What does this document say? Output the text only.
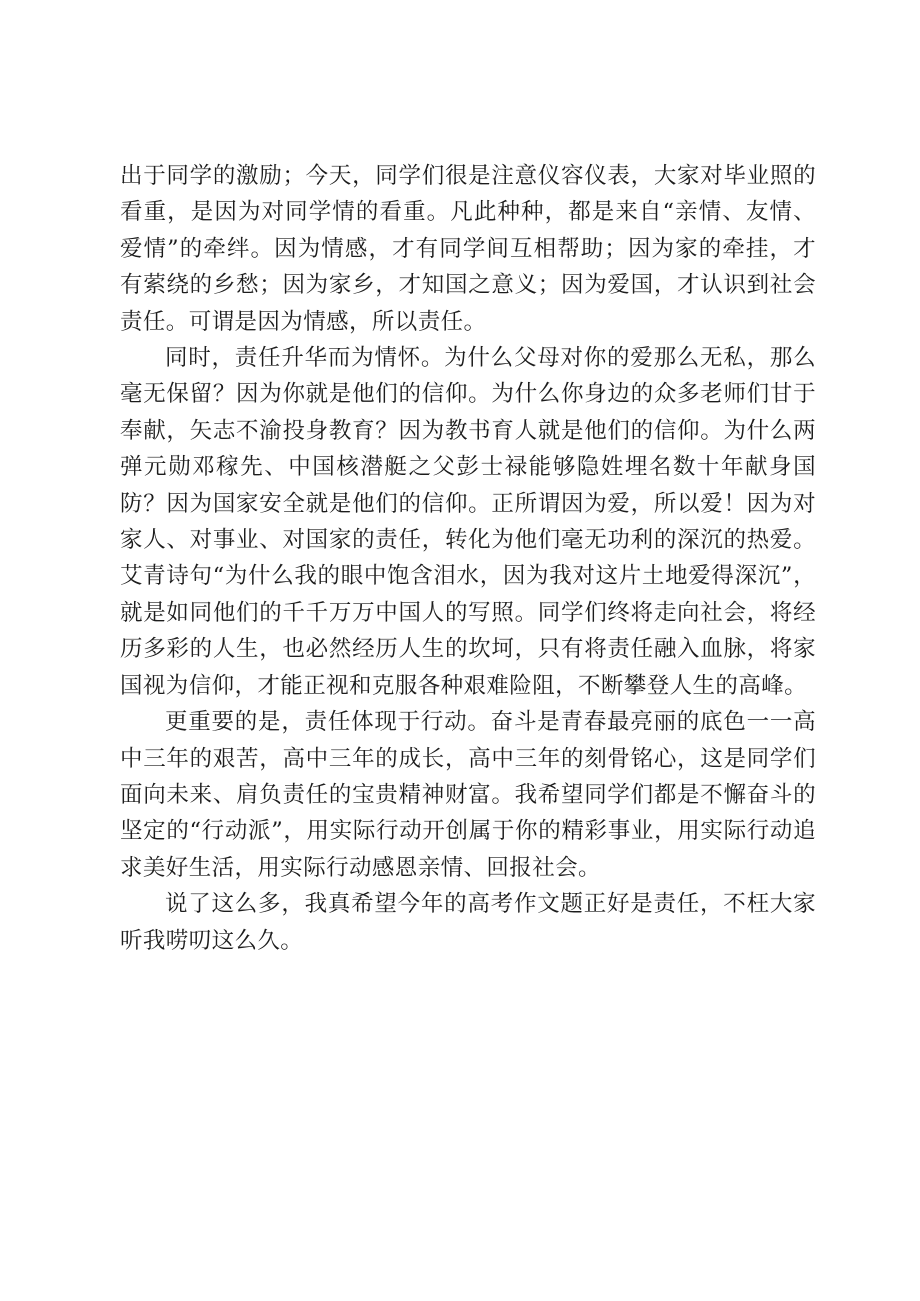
出于同学的激励；今天，同学们很是注意仪容仪表，大家对毕业照的看重，是因为对同学情的看重。凡此种种，都是来自“亲情、友情、爱情”的牵绊。因为情感，才有同学间互相帮助；因为家的牵挂，才有萦绕的乡愁；因为家乡，才知国之意义；因为爱国，才认识到社会责任。可谓是因为情感，所以责任。

同时，责任升华而为情怀。为什么父母对你的爱那么无私，那么毫无保留？因为你就是他们的信仰。为什么你身边的众多老师们甘于奉献，矢志不渝投身教育？因为教书育人就是他们的信仰。为什么两弹元勋邓稼先、中国核潜艇之父彭士禄能够隐姓埋名数十年献身国防？因为国家安全就是他们的信仰。正所谓因为爱，所以爱！因为对家人、对事业、对国家的责任，转化为他们毫无功利的深沉的热爱。艾青诗句“为什么我的眼中饱含泪水，因为我对这片土地爱得深沉”，就是如同他们的千千万万中国人的写照。同学们终将走向社会，将经历多彩的人生，也必然经历人生的坎坷，只有将责任融入血脉，将家国视为信仰，才能正视和克服各种艰难险阻，不断攀登人生的高峰。

更重要的是，责任体现于行动。奋斗是青春最亮丽的底色一一高中三年的艰苦，高中三年的成长，高中三年的刻骨铭心，这是同学们面向未来、肩负责任的宝贵精神财富。我希望同学们都是不懈奋斗的坚定的“行动派”，用实际行动开创属于你的精彩事业，用实际行动追求美好生活，用实际行动感恩亲情、回报社会。

说了这么多，我真希望今年的高考作文题正好是责任，不枉大家听我唠叨这么久。
